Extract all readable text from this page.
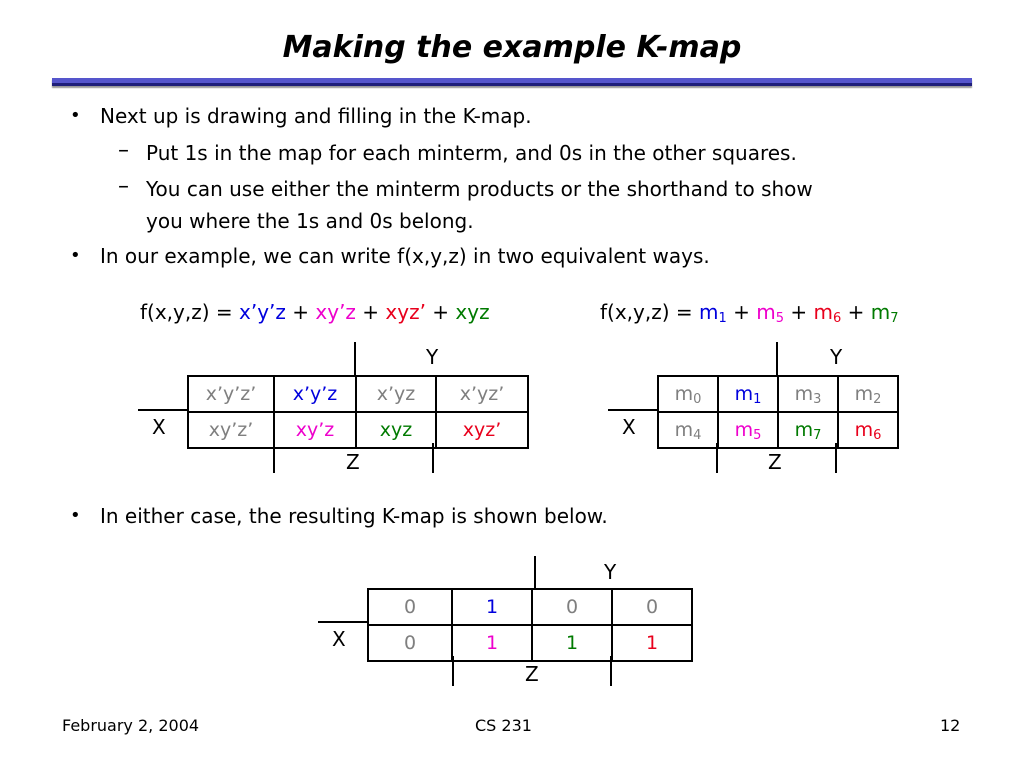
Making the example K-map
• Next up is drawing and filling in the K-map.
– Put 1s in the map for each minterm, and 0s in the other squares.
– You can use either the minterm products or the shorthand to show
you where the 1s and 0s belong.
• In our example, we can write f(x,y,z) in two equivalent ways.
f(x,y,z) = x’y’z + xy’z + xyz’ + xyz	$f(x,y,z) = m_1 + m_5 + m_6 + m_7$
Y
X
x’y’z’	x’y’z	x’yz	x’yz’
xy’z’	xy’z	xyz	xyz’
Z
Y
X
$m_0$	$m_1$	$m_3$	$m_2$
$m_4$	$m_5$	$m_7$	$m_6$
Z
• In either case, the resulting K-map is shown below.
Y
X
0	1	0	0
0	1	1	1
Z
February 2, 2004	CS 231	12
